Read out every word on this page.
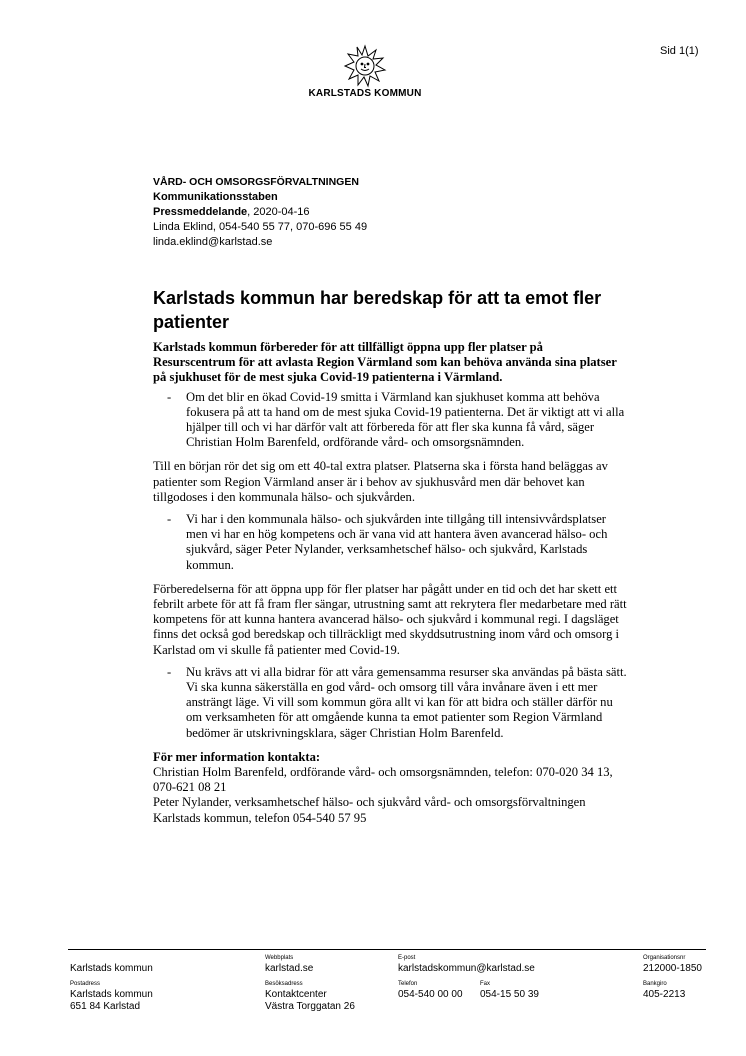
Sid 1(1)
KARLSTADS KOMMUN
VÅRD- OCH OMSORGSFÖRVALTNINGEN
Kommunikationsstaben
Pressmeddelande, 2020-04-16
Linda Eklind, 054-540 55 77, 070-696 55 49
linda.eklind@karlstad.se
Karlstads kommun har beredskap för att ta emot fler patienter

Karlstads kommun förbereder för att tillfälligt öppna upp fler platser på Resurscentrum för att avlasta Region Värmland som kan behöva använda sina platser på sjukhuset för de mest sjuka Covid-19 patienterna i Värmland.

- Om det blir en ökad Covid-19 smitta i Värmland kan sjukhuset komma att behöva fokusera på att ta hand om de mest sjuka Covid-19 patienterna. Det är viktigt att vi alla hjälper till och vi har därför valt att förbereda för att fler ska kunna få vård, säger Christian Holm Barenfeld, ordförande vård- och omsorgsnämnden.

Till en början rör det sig om ett 40-tal extra platser. Platserna ska i första hand beläggas av patienter som Region Värmland anser är i behov av sjukhusvård men där behovet kan tillgodoses i den kommunala hälso- och sjukvården.

- Vi har i den kommunala hälso- och sjukvården inte tillgång till intensivvårdsplatser men vi har en hög kompetens och är vana vid att hantera även avancerad hälso- och sjukvård, säger Peter Nylander, verksamhetschef hälso- och sjukvård, Karlstads kommun.

Förberedelserna för att öppna upp för fler platser har pågått under en tid och det har skett ett febrilt arbete för att få fram fler sängar, utrustning samt att rekrytera fler medarbetare med rätt kompetens för att kunna hantera avancerad hälso- och sjukvård i kommunal regi. I dagsläget finns det också god beredskap och tillräckligt med skyddsutrustning inom vård och omsorg i Karlstad om vi skulle få patienter med Covid-19.

- Nu krävs att vi alla bidrar för att våra gemensamma resurser ska användas på bästa sätt. Vi ska kunna säkerställa en god vård- och omsorg till våra invånare även i ett mer ansträngt läge. Vi vill som kommun göra allt vi kan för att bidra och ställer därför nu om verksamheten för att omgående kunna ta emot patienter som Region Värmland bedömer är utskrivningsklara, säger Christian Holm Barenfeld.

För mer information kontakta:

Christian Holm Barenfeld, ordförande vård- och omsorgsnämnden, telefon: 070-020 34 13, 070-621 08 21

Peter Nylander, verksamhetschef hälso- och sjukvård vård- och omsorgsförvaltningen Karlstads kommun, telefon 054-540 57 95

Karlstads kommun
Webbplats
karlstad.se
E-post
karlstadskommun@karlstad.se
Organisationsnr
212000-1850
Postadress
Karlstads kommun
651 84 Karlstad
Besöksadress
Kontaktcenter
Västra Torggatan 26
Telefon
054-540 00 00
Fax
054-15 50 39
Bankgiro
405-2213
